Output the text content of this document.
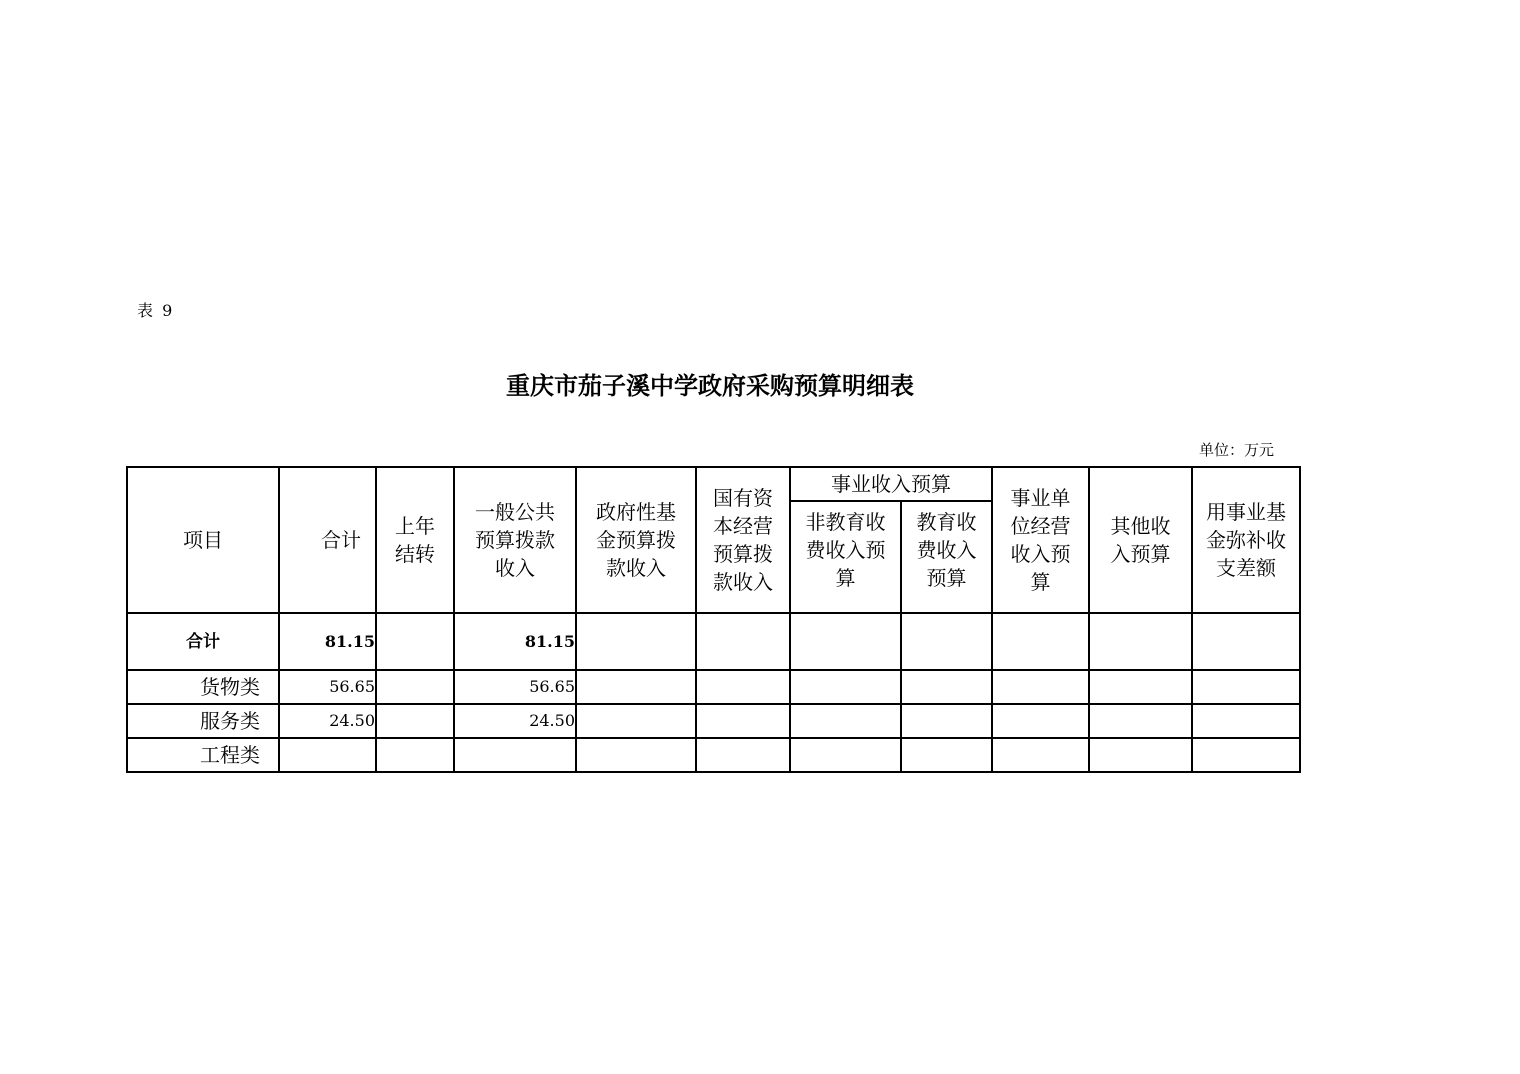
表 9
重庆市茄子溪中学政府采购预算明细表
单位：万元
项目	合计	上年结转	一般公共预算拨款收入	政府性基金预算拨款收入	国有资本经营预算拨款收入	事业收入预算		事业单位经营收入预算	其他收入预算	用事业基金弥补收支差额
						非教育收费收入预算	教育收费收入预算			
合计	81.15		81.15							
货物类	56.65		56.65							
服务类	24.50		24.50							
工程类										
